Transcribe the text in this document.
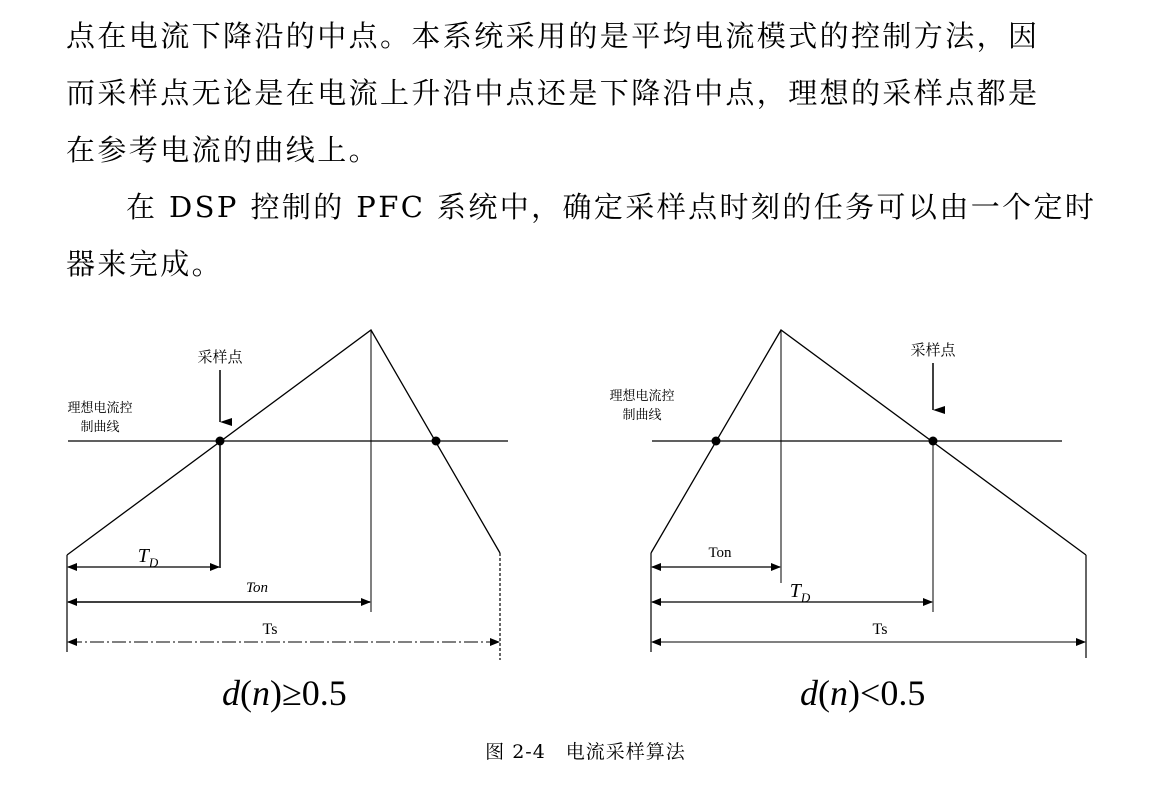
点在电流下降沿的中点。本系统采用的是平均电流模式的控制方法，因
而采样点无论是在电流上升沿中点还是下降沿中点，理想的采样点都是
在参考电流的曲线上。
在 DSP 控制的 PFC 系统中，确定采样点时刻的任务可以由一个定时
器来完成。
采样点
理想电流控
制曲线
$T_D$
Ton
Ts
采样点
理想电流控
制曲线
Ton
$T_D$
Ts
d(n)≥0.5	d(n)<0.5
图 2-4　电流采样算法
